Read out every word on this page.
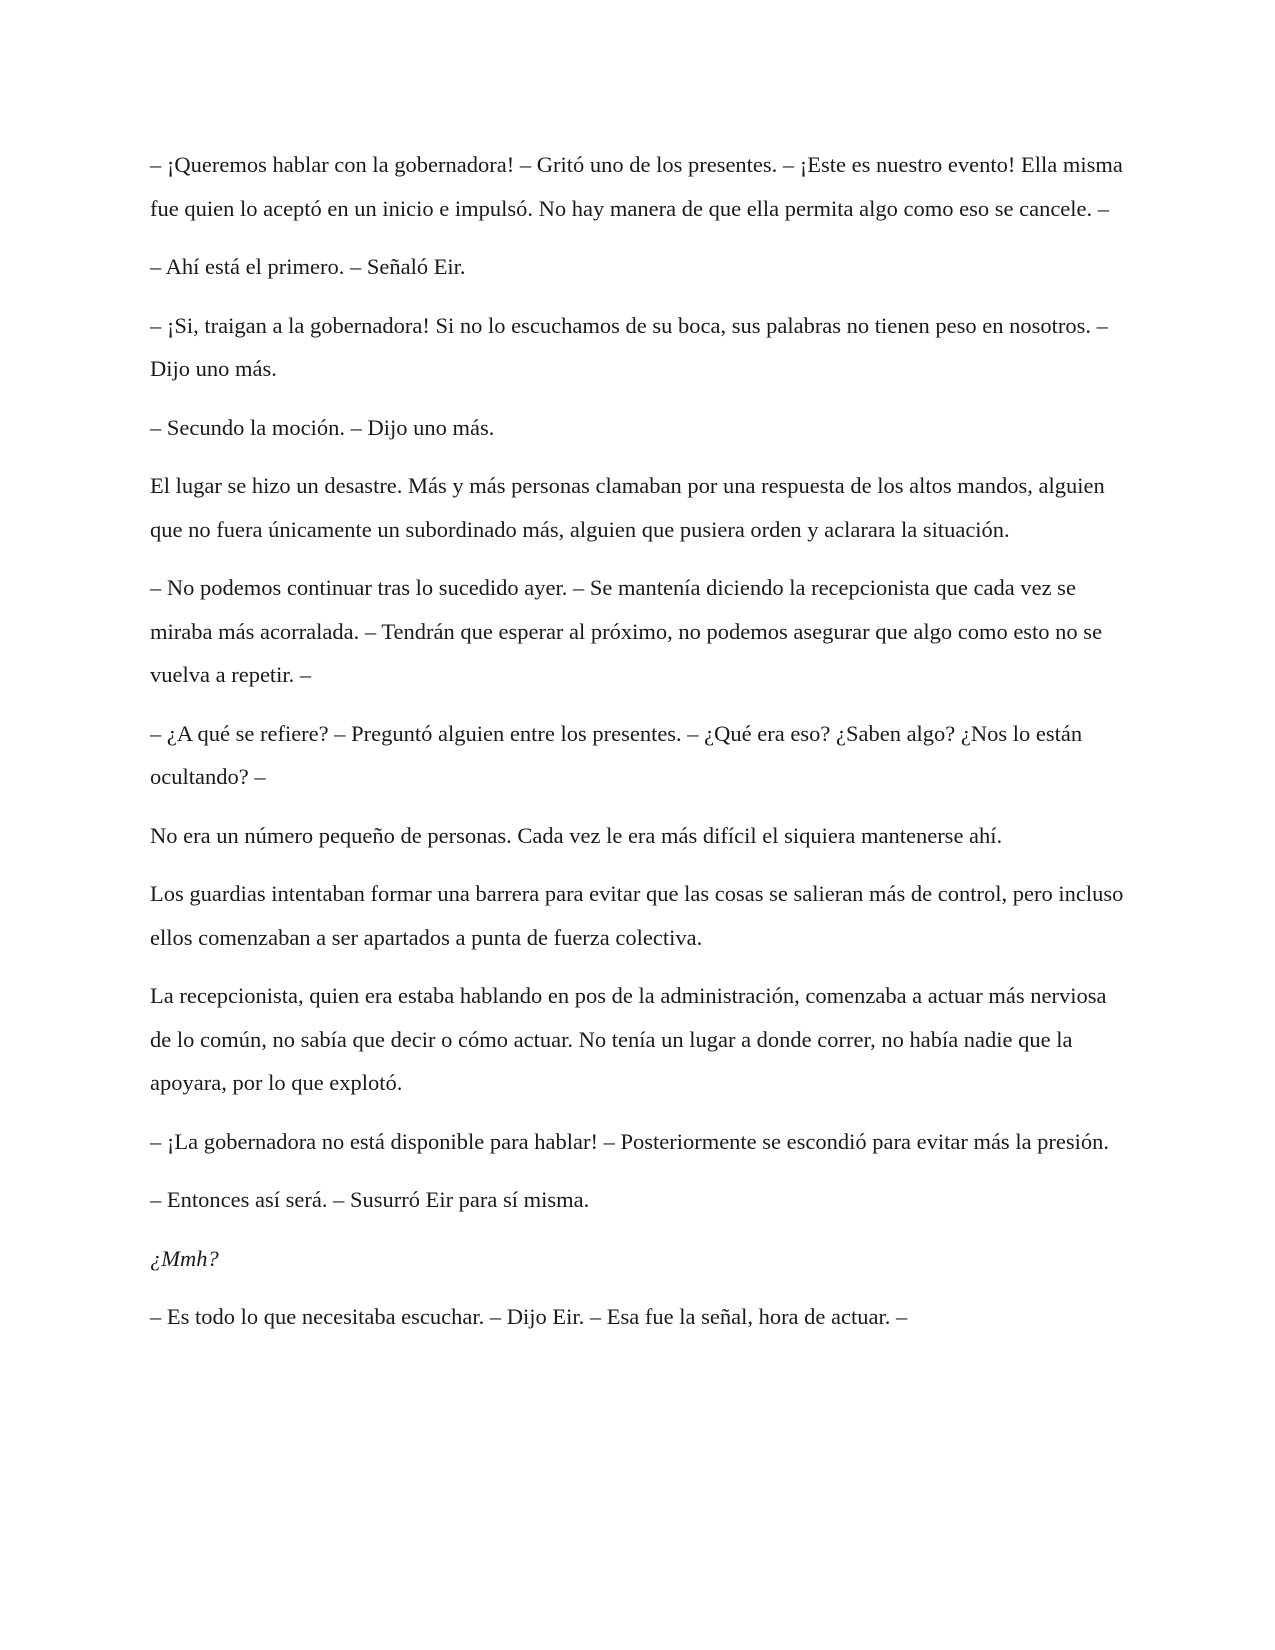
– ¡Queremos hablar con la gobernadora! – Gritó uno de los presentes. – ¡Este es nuestro evento! Ella misma fue quien lo aceptó en un inicio e impulsó. No hay manera de que ella permita algo como eso se cancele. –

– Ahí está el primero. – Señaló Eir.

– ¡Si, traigan a la gobernadora! Si no lo escuchamos de su boca, sus palabras no tienen peso en nosotros. – Dijo uno más.

– Secundo la moción. – Dijo uno más.

El lugar se hizo un desastre. Más y más personas clamaban por una respuesta de los altos mandos, alguien que no fuera únicamente un subordinado más, alguien que pusiera orden y aclarara la situación.

– No podemos continuar tras lo sucedido ayer. – Se mantenía diciendo la recepcionista que cada vez se miraba más acorralada. – Tendrán que esperar al próximo, no podemos asegurar que algo como esto no se vuelva a repetir. –

– ¿A qué se refiere? – Preguntó alguien entre los presentes. – ¿Qué era eso? ¿Saben algo? ¿Nos lo están ocultando? –

No era un número pequeño de personas. Cada vez le era más difícil el siquiera mantenerse ahí.

Los guardias intentaban formar una barrera para evitar que las cosas se salieran más de control, pero incluso ellos comenzaban a ser apartados a punta de fuerza colectiva.

La recepcionista, quien era estaba hablando en pos de la administración, comenzaba a actuar más nerviosa de lo común, no sabía que decir o cómo actuar. No tenía un lugar a donde correr, no había nadie que la apoyara, por lo que explotó.

– ¡La gobernadora no está disponible para hablar! – Posteriormente se escondió para evitar más la presión.

– Entonces así será. – Susurró Eir para sí misma.

¿Mmh?

– Es todo lo que necesitaba escuchar. – Dijo Eir. – Esa fue la señal, hora de actuar. –
